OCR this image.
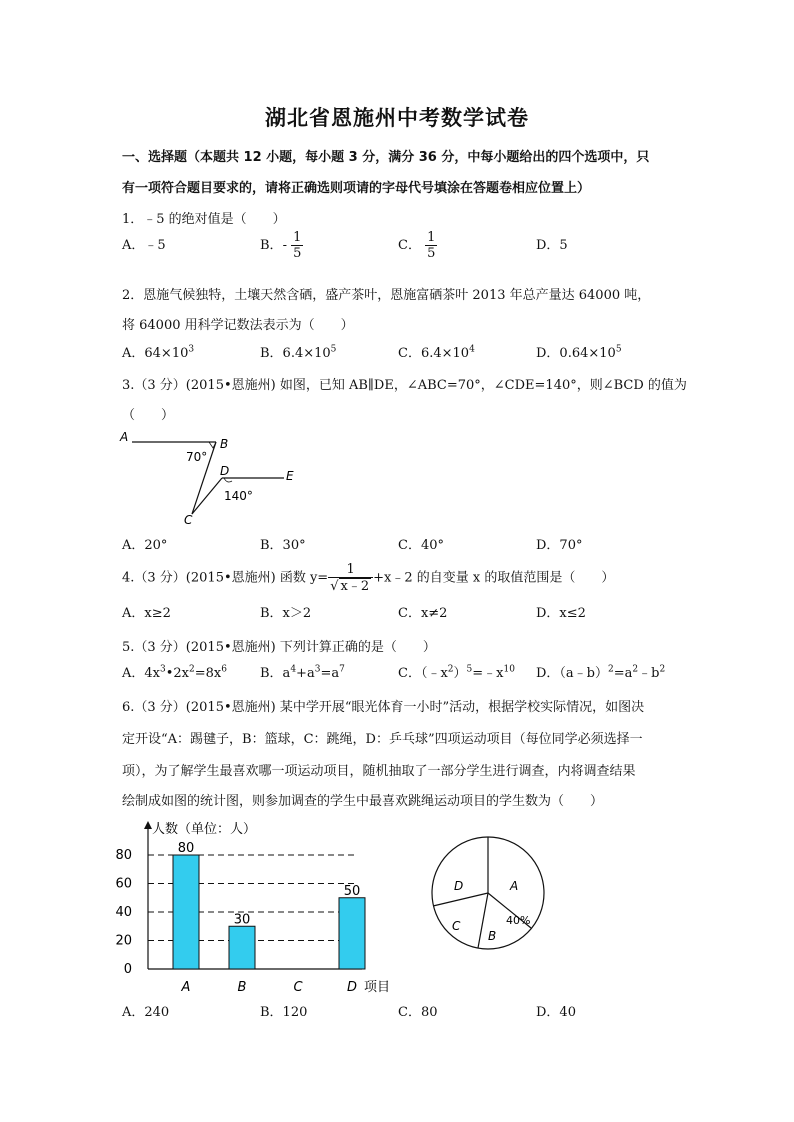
湖北省恩施州中考数学试卷
一、选择题（本题共 12 小题，每小题 3 分，满分 36 分，中每小题给出的四个选项中，只
有一项符合题目要求的，请将正确选则项请的字母代号填涂在答题卷相应位置上）
1．﹣5 的绝对值是（　　）
A．﹣5	B．- $\frac{1}{5}$	C． $\frac{1}{5}$	D．5
2．恩施气候独特，土壤天然含硒，盛产茶叶，恩施富硒茶叶 2013 年总产量达 64000 吨，
将 64000 用科学记数法表示为（　　）
A．$64\times 10^3$	B．$6.4\times 10^5$	C．$6.4\times 10^4$	D．$0.64\times 10^5$
3.（3 分）(2015•恩施州) 如图，已知 AB∥DE，∠ABC=70°，∠CDE=140°，则∠BCD 的值为
（　　）
A	B
70°
D	E
140°
C
A．20°	B．30°	C．40°	D．70°
4.（3 分）(2015•恩施州) 函数 $y= \frac{1}{√ x﹣2}$ +x﹣2 的自变量 x 的取值范围是（　　）
A．x≥2	B．x＞2	C．x≠2	D．x≤2
5.（3 分）(2015•恩施州) 下列计算正确的是（　　）
A．$4x^3•2x^2=8x^6$	B．$a^4+a^3=a^7$	C．$(﹣x^2)^5=﹣x^{10}$ D．$(a﹣b)^2=a^2﹣b^2$
6.（3 分）(2015•恩施州) 某中学开展“眼光体育一小时”活动，根据学校实际情况，如图决
定开设“A：踢毽子，B：篮球，C：跳绳，D：乒乓球”四项运动项目（每位同学必须选择一
项），为了解学生最喜欢哪一项运动项目，随机抽取了一部分学生进行调查，内将调查结果
绘制成如图的统计图，则参加调查的学生中最喜欢跳绳运动项目的学生数为（　　）
人数（单位：人）
项目
0
20
40
60
80	80
A
30
B	C
50
D
A
40%
B
C
D
A．240	B．120	C．80	D．40
